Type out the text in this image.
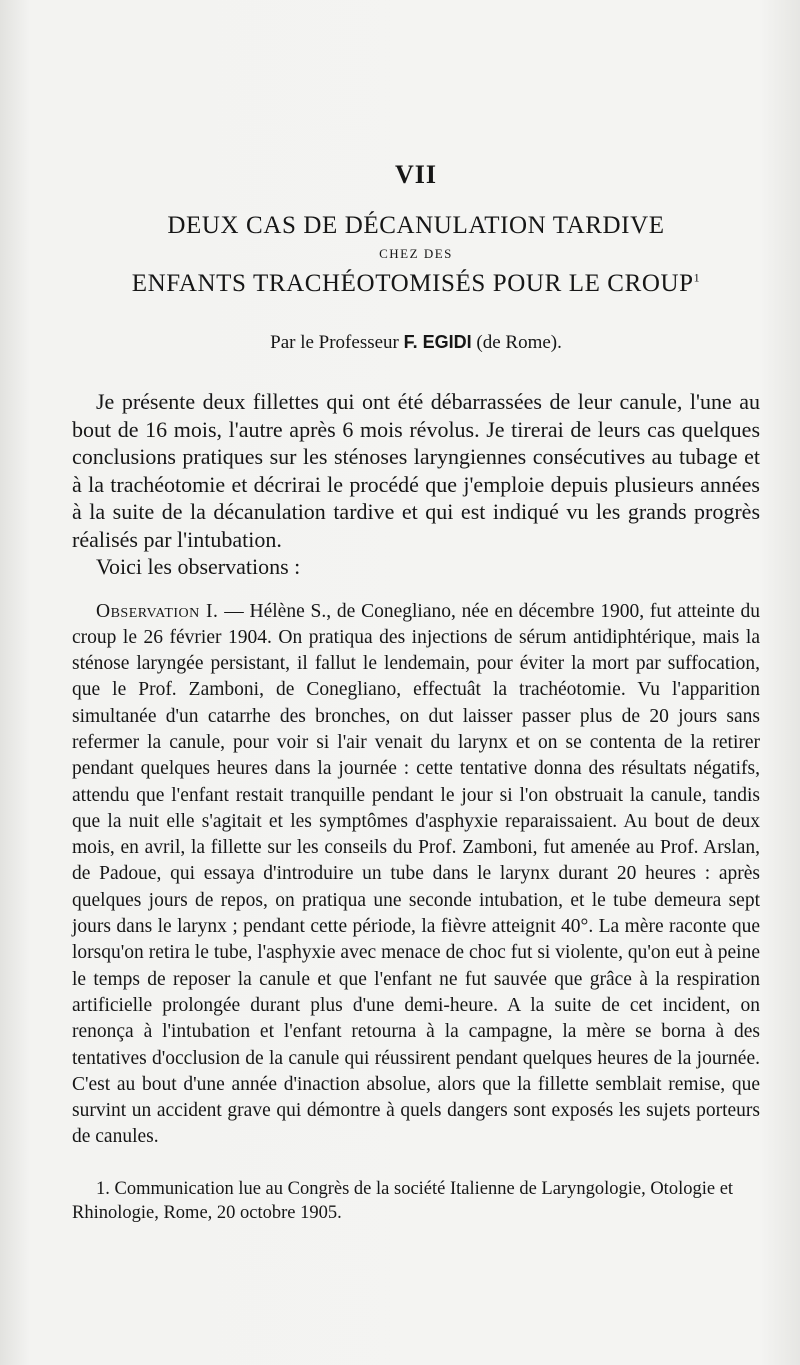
VII

DEUX CAS DE DÉCANULATION TARDIVE

CHEZ DES

ENFANTS TRACHÉOTOMISÉS POUR LE CROUP$^1$

Par le Professeur F. EGIDI (de Rome).

Je présente deux fillettes qui ont été débarrassées de leur canule, l'une au bout de 16 mois, l'autre après 6 mois révolus. Je tirerai de leurs cas quelques conclusions pratiques sur les sténoses laryngiennes consécutives au tubage et à la trachéotomie et décrirai le procédé que j'emploie depuis plusieurs années à la suite de la décanulation tardive et qui est indiqué vu les grands progrès réalisés par l'intubation.

Voici les observations :

Observation I. — Hélène S., de Conegliano, née en décembre 1900, fut atteinte du croup le 26 février 1904. On pratiqua des injections de sérum antidiphtérique, mais la sténose laryngée persistant, il fallut le lendemain, pour éviter la mort par suffocation, que le Prof. Zamboni, de Conegliano, effectuât la trachéotomie. Vu l'apparition simultanée d'un catarrhe des bronches, on dut laisser passer plus de 20 jours sans refermer la canule, pour voir si l'air venait du larynx et on se contenta de la retirer pendant quelques heures dans la journée : cette tentative donna des résultats négatifs, attendu que l'enfant restait tranquille pendant le jour si l'on obstruait la canule, tandis que la nuit elle s'agitait et les symptômes d'asphyxie reparaissaient. Au bout de deux mois, en avril, la fillette sur les conseils du Prof. Zamboni, fut amenée au Prof. Arslan, de Padoue, qui essaya d'introduire un tube dans le larynx durant 20 heures : après quelques jours de repos, on pratiqua une seconde intubation, et le tube demeura sept jours dans le larynx ; pendant cette période, la fièvre atteignit 40°. La mère raconte que lorsqu'on retira le tube, l'asphyxie avec menace de choc fut si violente, qu'on eut à peine le temps de reposer la canule et que l'enfant ne fut sauvée que grâce à la respiration artificielle prolongée durant plus d'une demi-heure. A la suite de cet incident, on renonça à l'intubation et l'enfant retourna à la campagne, la mère se borna à des tentatives d'occlusion de la canule qui réussirent pendant quelques heures de la journée. C'est au bout d'une année d'inaction absolue, alors que la fillette semblait remise, que survint un accident grave qui démontre à quels dangers sont exposés les sujets porteurs de canules.

1. Communication lue au Congrès de la société Italienne de Laryngologie, Otologie et Rhinologie, Rome, 20 octobre 1905.
